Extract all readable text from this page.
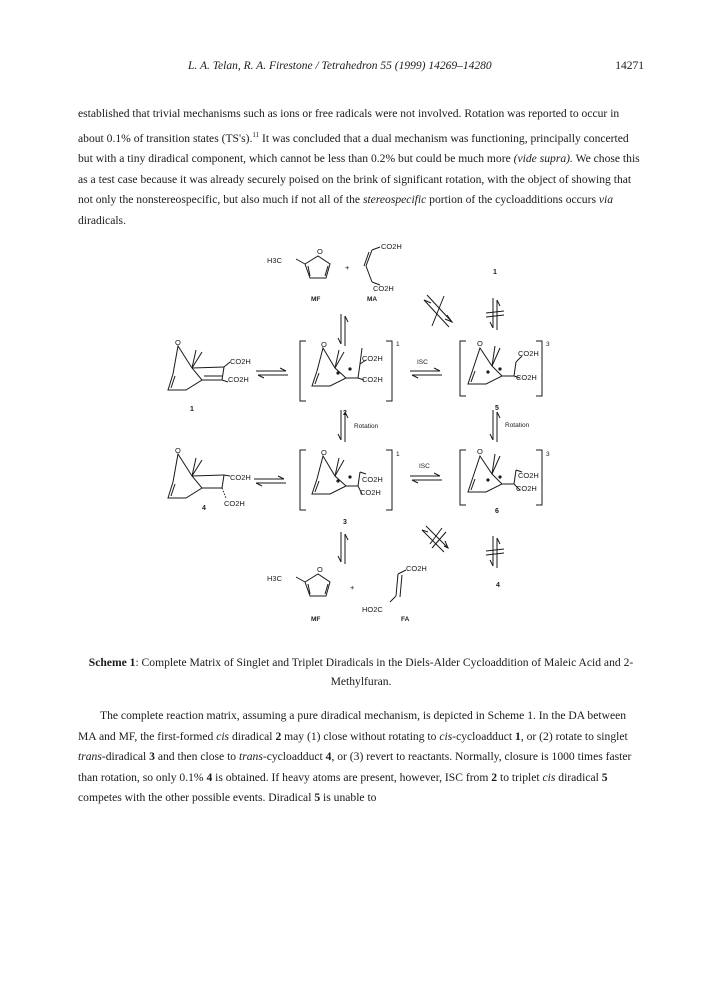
L. A. Telan, R. A. Firestone / Tetrahedron 55 (1999) 14269–14280	14271

established that trivial mechanisms such as ions or free radicals were not involved. Rotation was reported to occur in about 0.1% of transition states (TS's).$^{11}$ It was concluded that a dual mechanism was functioning, principally concerted but with a tiny diradical component, which cannot be less than 0.2% but could be much more (vide supra). We chose this as a test case because it was already securely poised on the brink of significant rotation, with the object of showing that not only the nonstereospecific, but also much if not all of the stereospecific portion of the cycloadditions occurs via diradicals.

O
H3C
+
CO2H
CO2H
MF	MA
1
O
CO2H
CO2H
1
O
CO2H
CO2H
1
2
ISC
O
CO2H
CO2H
3
5
Rotation	Rotation
O
CO2H
CO2H
4
O
CO2H
CO2H
1
3
ISC
O
CO2H
CO2H
3
6
O
H3C
+
CO2H
HO2C
MF	FA
4

Scheme 1: Complete Matrix of Singlet and Triplet Diradicals in the Diels-Alder Cycloaddition of Maleic Acid and 2-Methylfuran.

The complete reaction matrix, assuming a pure diradical mechanism, is depicted in Scheme 1. In the DA between MA and MF, the first-formed cis diradical 2 may (1) close without rotating to cis-cycloadduct 1, or (2) rotate to singlet trans-diradical 3 and then close to trans-cycloadduct 4, or (3) revert to reactants. Normally, closure is 1000 times faster than rotation, so only 0.1% 4 is obtained. If heavy atoms are present, however, ISC from 2 to triplet cis diradical 5 competes with the other possible events. Diradical 5 is unable to
